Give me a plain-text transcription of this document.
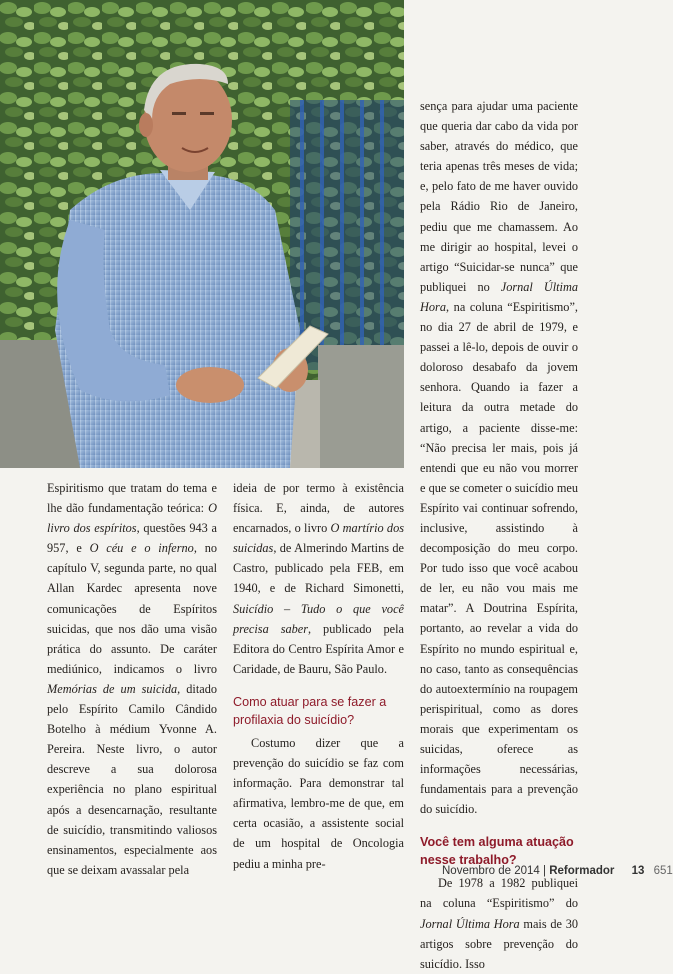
Espiritismo que tratam do tema e lhe dão fundamentação teórica: O livro dos espíritos, questões 943 a 957, e O céu e o inferno, no capítulo V, segunda parte, no qual Allan Kardec apresenta nove comunicações de Espíritos suicidas, que nos dão uma visão prática do assunto. De caráter mediúnico, indicamos o livro Memórias de um suicida, ditado pelo Espírito Camilo Cândido Botelho à médium Yvonne A. Pereira. Neste livro, o autor descreve a sua dolorosa experiência no plano espiritual após a desencarnação, resultante de suicídio, transmitindo valiosos ensinamentos, especialmente aos que se deixam avassalar pela

ideia de por termo à existência física. E, ainda, de autores encarnados, o livro O martírio dos suicidas, de Almerindo Martins de Castro, publicado pela FEB, em 1940, e de Richard Simonetti, Suicídio – Tudo o que você precisa saber, publicado pela Editora do Centro Espírita Amor e Caridade, de Bauru, São Paulo.

Como atuar para se fazer a profilaxia do suicídio?

Costumo dizer que a prevenção do suicídio se faz com informação. Para demonstrar tal afirmativa, lembro-me de que, em certa ocasião, a assistente social de um hospital de Oncologia pediu a minha pre-

sença para ajudar uma paciente que queria dar cabo da vida por saber, através do médico, que teria apenas três meses de vida; e, pelo fato de me haver ouvido pela Rádio Rio de Janeiro, pediu que me chamassem. Ao me dirigir ao hospital, levei o artigo “Suicidar-se nunca” que publiquei no Jornal Última Hora, na coluna “Espiritismo”, no dia 27 de abril de 1979, e passei a lê-lo, depois de ouvir o doloroso desabafo da jovem senhora. Quando ia fazer a leitura da outra metade do artigo, a paciente disse-me: “Não precisa ler mais, pois já entendi que eu não vou morrer e que se cometer o suicídio meu Espírito vai continuar sofrendo, inclusive, assistindo à decomposição do meu corpo. Por tudo isso que você acabou de ler, eu não vou mais me matar”. A Doutrina Espírita, portanto, ao revelar a vida do Espírito no mundo espiritual e, no caso, tanto as consequências do autoextermínio na roupagem perispiritual, como as dores morais que experimentam os suicidas, oferece as informações necessárias, fundamentais para a prevenção do suicídio.

Você tem alguma atuação nesse trabalho?

De 1978 a 1982 publiquei na coluna “Espiritismo” do Jornal Última Hora mais de 30 artigos sobre prevenção do suicídio. Isso

Novembro de 2014 | Reformador 13 651
